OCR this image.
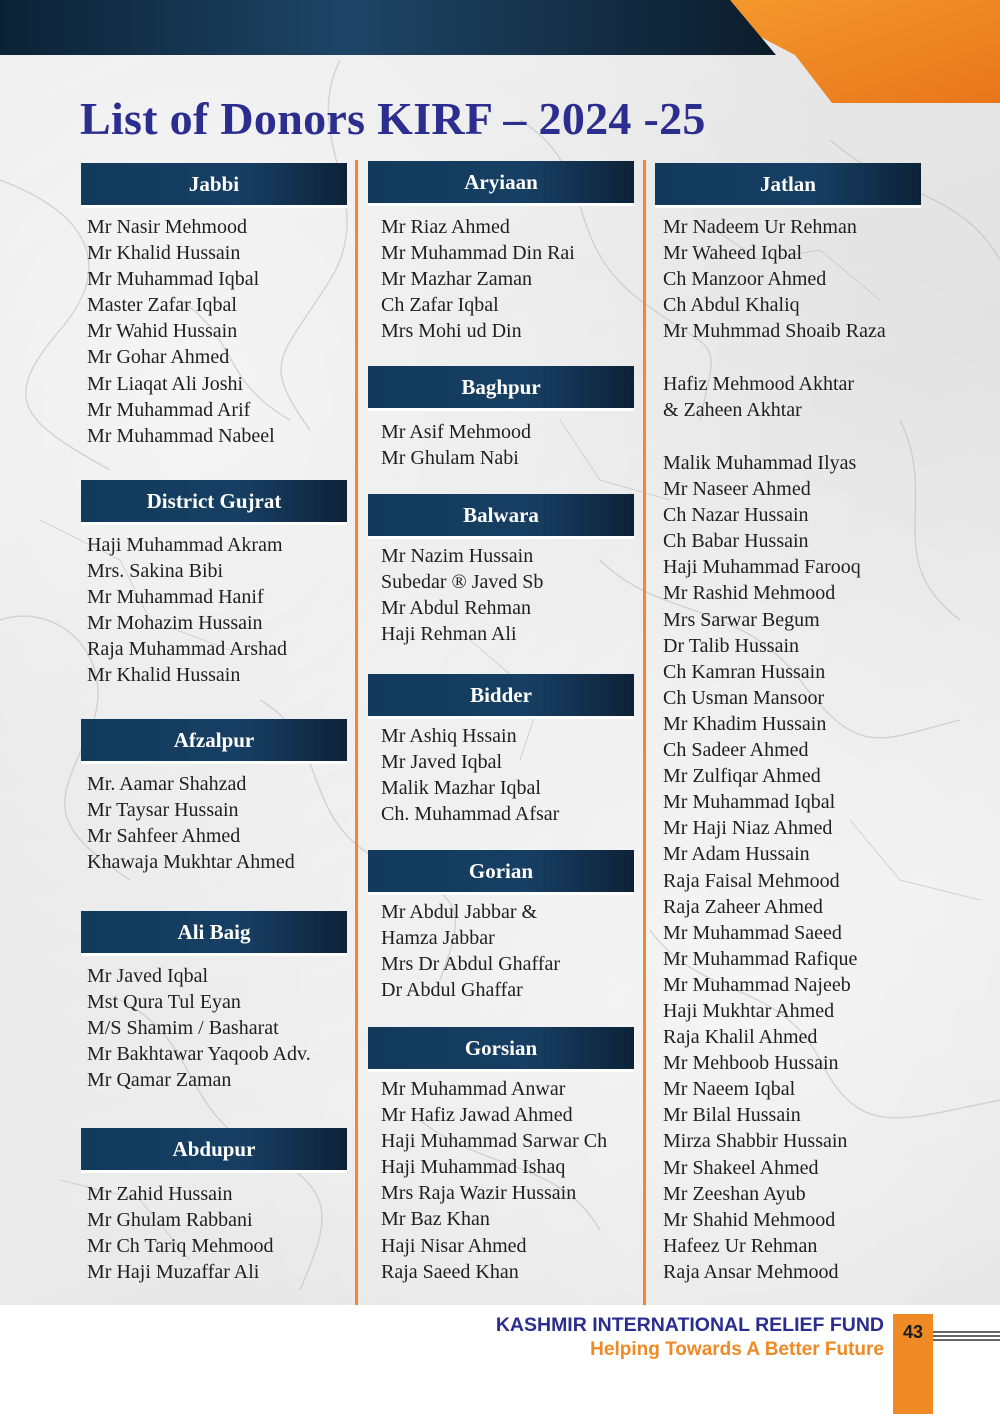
List of Donors KIRF – 2024 -25
Jabbi
Mr Nasir Mehmood
Mr Khalid Hussain
Mr Muhammad Iqbal
Master Zafar Iqbal
Mr Wahid Hussain
Mr Gohar Ahmed
Mr Liaqat Ali Joshi
Mr Muhammad Arif
Mr Muhammad Nabeel
District Gujrat
Haji Muhammad Akram
Mrs. Sakina Bibi
Mr Muhammad Hanif
Mr Mohazim Hussain
Raja Muhammad Arshad
Mr Khalid Hussain
Afzalpur
Mr. Aamar Shahzad
Mr Taysar Hussain
Mr Sahfeer Ahmed
Khawaja Mukhtar Ahmed
Ali Baig
Mr Javed Iqbal
Mst Qura Tul Eyan
M/S Shamim / Basharat
Mr Bakhtawar Yaqoob Adv.
Mr Qamar Zaman
Abdupur
Mr Zahid Hussain
Mr Ghulam Rabbani
Mr Ch Tariq Mehmood
Mr Haji Muzaffar Ali
Aryiaan
Mr Riaz Ahmed
Mr Muhammad Din Rai
Mr Mazhar Zaman
Ch Zafar Iqbal
Mrs Mohi ud Din
Baghpur
Mr Asif Mehmood
Mr Ghulam Nabi
Balwara
Mr Nazim Hussain
Subedar ® Javed Sb
Mr Abdul Rehman
Haji Rehman Ali
Bidder
Mr Ashiq Hssain
Mr Javed Iqbal
Malik Mazhar Iqbal
Ch. Muhammad Afsar
Gorian
Mr Abdul Jabbar &
Hamza Jabbar
Mrs Dr Abdul Ghaffar
Dr Abdul Ghaffar
Gorsian
Mr Muhammad Anwar
Mr Hafiz Jawad Ahmed
Haji Muhammad Sarwar Ch
Haji Muhammad Ishaq
Mrs Raja Wazir Hussain
Mr Baz Khan
Haji Nisar Ahmed
Raja Saeed Khan
Jatlan
Mr Nadeem Ur Rehman
Mr Waheed Iqbal
Ch Manzoor Ahmed
Ch Abdul Khaliq
Mr Muhmmad Shoaib Raza
Hafiz Mehmood Akhtar
& Zaheen Akhtar
Malik Muhammad Ilyas
Mr Naseer Ahmed
Ch Nazar Hussain
Ch Babar Hussain
Haji Muhammad Farooq
Mr Rashid Mehmood
Mrs Sarwar Begum
Dr Talib Hussain
Ch Kamran Hussain
Ch Usman Mansoor
Mr Khadim Hussain
Ch Sadeer Ahmed
Mr Zulfiqar Ahmed
Mr Muhammad Iqbal
Mr Haji Niaz Ahmed
Mr Adam Hussain
Raja Faisal Mehmood
Raja Zaheer Ahmed
Mr Muhammad Saeed
Mr Muhammad Rafique
Mr Muhammad Najeeb
Haji Mukhtar Ahmed
Raja Khalil Ahmed
Mr Mehboob Hussain
Mr Naeem Iqbal
Mr Bilal Hussain
Mirza Shabbir Hussain
Mr Shakeel Ahmed
Mr Zeeshan Ayub
Mr Shahid Mehmood
Hafeez Ur Rehman
Raja Ansar Mehmood
KASHMIR INTERNATIONAL RELIEF FUND
Helping Towards A Better Future
43
